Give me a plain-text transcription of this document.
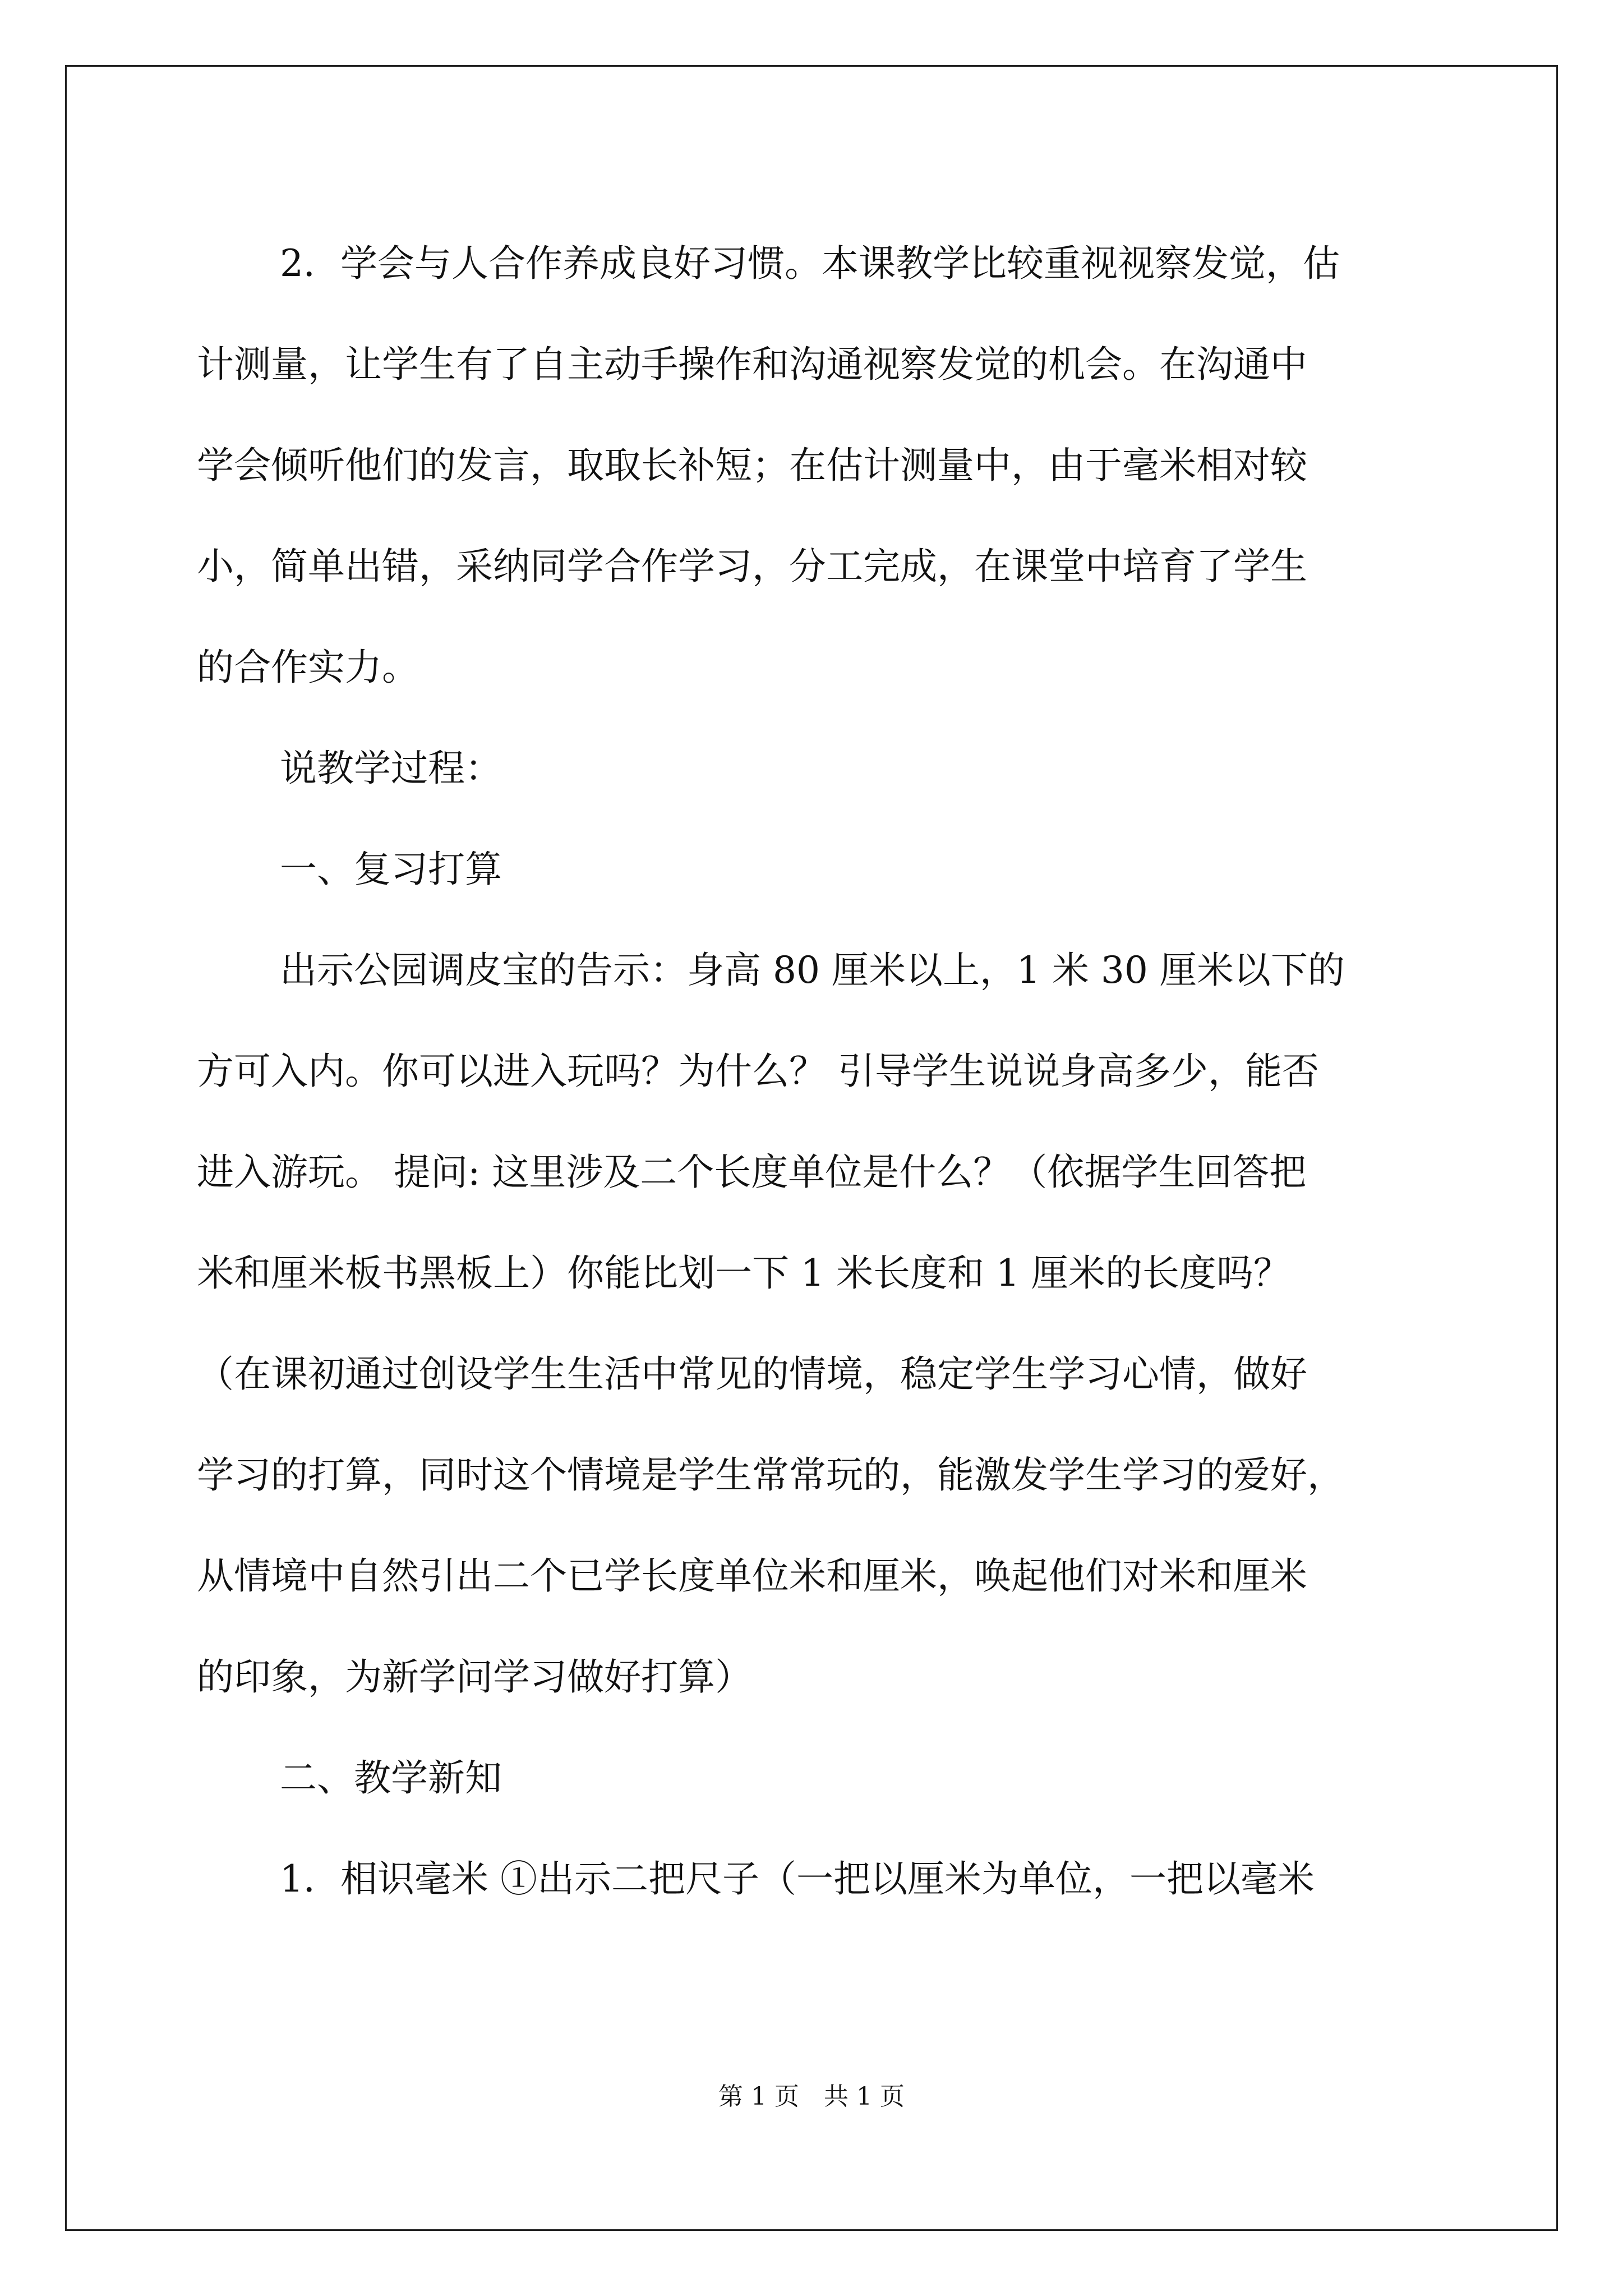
2．学会与人合作养成良好习惯。本课教学比较重视视察发觉，估
计测量，让学生有了自主动手操作和沟通视察发觉的机会。在沟通中
学会倾听他们的发言，取取长补短；在估计测量中，由于毫米相对较
小，简单出错，采纳同学合作学习，分工完成，在课堂中培育了学生
的合作实力。
说教学过程：
一、复习打算
出示公园调皮宝的告示：身高 80 厘米以上，1 米 30 厘米以下的
方可入内。你可以进入玩吗？为什么？ 引导学生说说身高多少，能否
进入游玩。 提问: 这里涉及二个长度单位是什么？（依据学生回答把
米和厘米板书黑板上）你能比划一下 1 米长度和 1 厘米的长度吗？
（在课初通过创设学生生活中常见的情境，稳定学生学习心情，做好
学习的打算，同时这个情境是学生常常玩的，能激发学生学习的爱好，
从情境中自然引出二个已学长度单位米和厘米，唤起他们对米和厘米
的印象，为新学问学习做好打算）
二、教学新知
1．相识毫米 ①出示二把尺子（一把以厘米为单位，一把以毫米
第 1 页　共 1 页
